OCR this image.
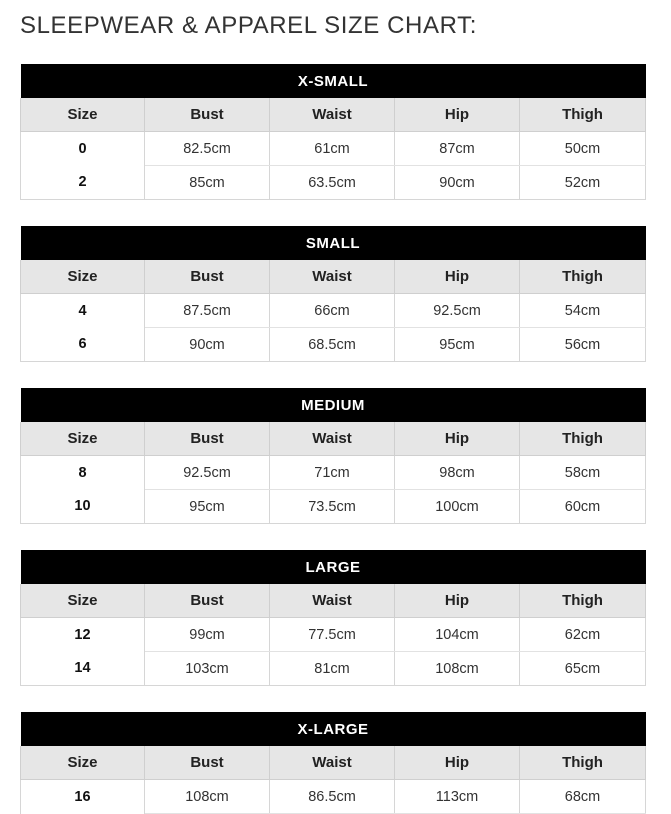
SLEEPWEAR & APPAREL SIZE CHART:
X-SMALL				
Size	Bust	Waist	Hip	Thigh
0	82.5cm	61cm	87cm	50cm
2	85cm	63.5cm	90cm	52cm
SMALL				
Size	Bust	Waist	Hip	Thigh
4	87.5cm	66cm	92.5cm	54cm
6	90cm	68.5cm	95cm	56cm
MEDIUM				
Size	Bust	Waist	Hip	Thigh
8	92.5cm	71cm	98cm	58cm
10	95cm	73.5cm	100cm	60cm
LARGE				
Size	Bust	Waist	Hip	Thigh
12	99cm	77.5cm	104cm	62cm
14	103cm	81cm	108cm	65cm
X-LARGE				
Size	Bust	Waist	Hip	Thigh
16	108cm	86.5cm	113cm	68cm
